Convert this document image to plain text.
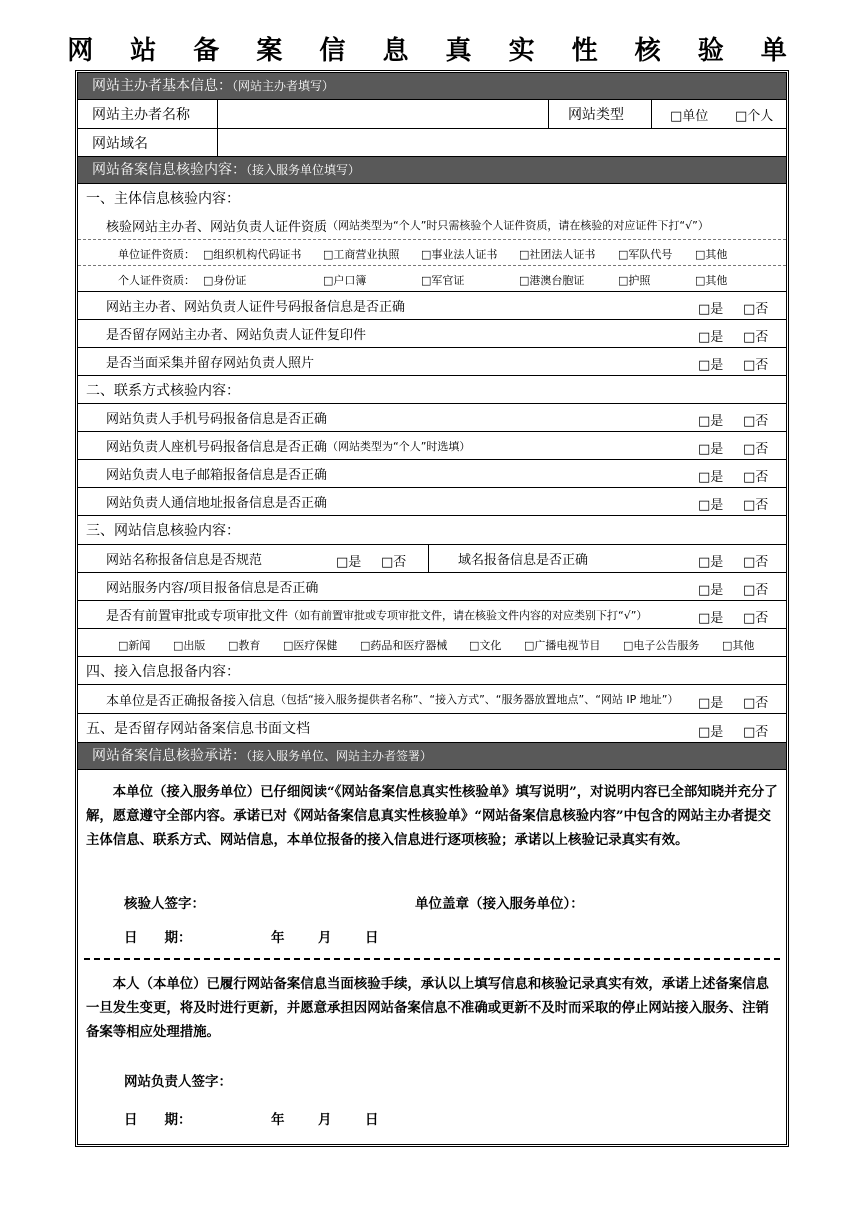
网 站 备 案 信 息 真 实 性 核 验 单
网站主办者基本信息：（网站主办者填写）
网站主办者名称	网站类型	□单位 □个人
网站域名
网站备案信息核验内容：（接入服务单位填写）
一、主体信息核验内容：
核验网站主办者、网站负责人证件资质 （网站类型为“个人”时只需核验个人证件资质，请在核验的对应证件下打“√”）
单位证件资质： □组织机构代码证书 □工商营业执照 □事业法人证书 □社团法人证书 □军队代号 □其他
个人证件资质： □身份证	□户口簿	□军官证	□港澳台胞证	□护照	□其他
网站主办者、网站负责人证件号码报备信息是否正确	□是 □否
是否留存网站主办者、网站负责人证件复印件	□是 □否
是否当面采集并留存网站负责人照片	□是 □否
二、联系方式核验内容：
网站负责人手机号码报备信息是否正确	□是 □否
网站负责人座机号码报备信息是否正确 （网站类型为“个人”时选填）	□是 □否
网站负责人电子邮箱报备信息是否正确	□是 □否
网站负责人通信地址报备信息是否正确	□是 □否
三、网站信息核验内容：
网站名称报备信息是否规范	□是 □否	域名报备信息是否正确	□是 □否
网站服务内容/项目报备信息是否正确	□是 □否
是否有前置审批或专项审批文件 （如有前置审批或专项审批文件，请在核验文件内容的对应类别下打“√”）	□是 □否
□新闻 □出版 □教育 □医疗保健 □药品和医疗器械 □文化 □广播电视节目 □电子公告服务 □其他
四、接入信息报备内容：
本单位是否正确报备接入信息 （包括“接入服务提供者名称”、“接入方式”、“服务器放置地点”、“网站 IP 地址”） □是 □否
五、是否留存网站备案信息书面文档	□是 □否
网站备案信息核验承诺：（接入服务单位、网站主办者签署）
本单位（接入服务单位）已仔细阅读“《网站备案信息真实性核验单》填写说明”，对说明内容已全部知晓并充分了解，愿意遵守全部内容。承诺已对《网站备案信息真实性核验单》“网站备案信息核验内容”中包含的网站主办者提交主体信息、联系方式、网站信息，本单位报备的接入信息进行逐项核验；承诺以上核验记录真实有效。
核验人签字：	单位盖章（接入服务单位）：
日　　期：	年 月 日
本人（本单位）已履行网站备案信息当面核验手续，承认以上填写信息和核验记录真实有效，承诺上述备案信息一旦发生变更，将及时进行更新，并愿意承担因网站备案信息不准确或更新不及时而采取的停止网站接入服务、注销备案等相应处理措施。
网站负责人签字：
日　　期：	年 月 日
